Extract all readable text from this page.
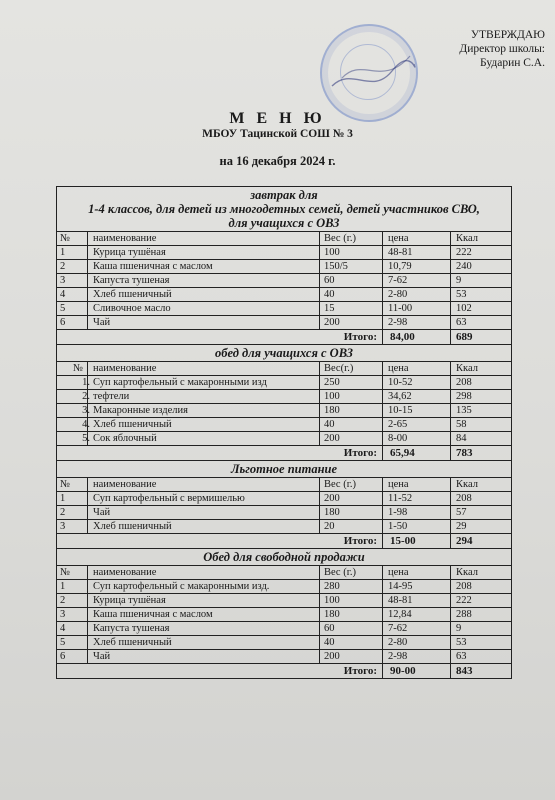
УТВЕРЖДАЮ
Директор школы:
Бударин С.А.
М Е Н Ю
МБОУ Тацинской СОШ № 3
на 16 декабря 2024 г.
завтрак для
1-4 классов, для детей из многодетных семей, детей участников СВО,
для учащихся с ОВЗ
№ наименование	Вес (г.)	цена	Ккал
1	Курица тушёная	100	48-81	222
2	Каша пшеничная с маслом	150/5	10,79	240
3	Капуста тушеная	60	7-62	9
4	Хлеб пшеничный	40	2-80	53
5	Сливочное масло	15	11-00	102
6	Чай	200	2-98	63
Итого: 84,00	689
обед для учащихся с ОВЗ
№ наименование	Вес(г.)	цена	Ккал
1. Суп картофельный с макаронными изд	250	10-52	208
2. тефтели	100	34,62	298
3. Макаронные изделия	180	10-15	135
4. Хлеб пшеничный	40	2-65	58
5. Сок яблочный	200	8-00	84
Итого: 65,94	783
Льготное питание
№ наименование	Вес (г.)	цена	Ккал
1	Суп картофельный с вермишелью	200	11-52	208
2	Чай	180	1-98	57
3	Хлеб пшеничный	20	1-50	29
Итого: 15-00	294
Обед для свободной продажи
№ наименование	Вес (г.)	цена	Ккал
1	Суп картофельный с макаронными изд.	280	14-95	208
2	Курица тушёная	100	48-81	222
3	Каша пшеничная с маслом	180	12,84	288
4	Капуста тушеная	60	7-62	9
5	Хлеб пшеничный	40	2-80	53
6	Чай	200	2-98	63
Итого: 90-00	843
